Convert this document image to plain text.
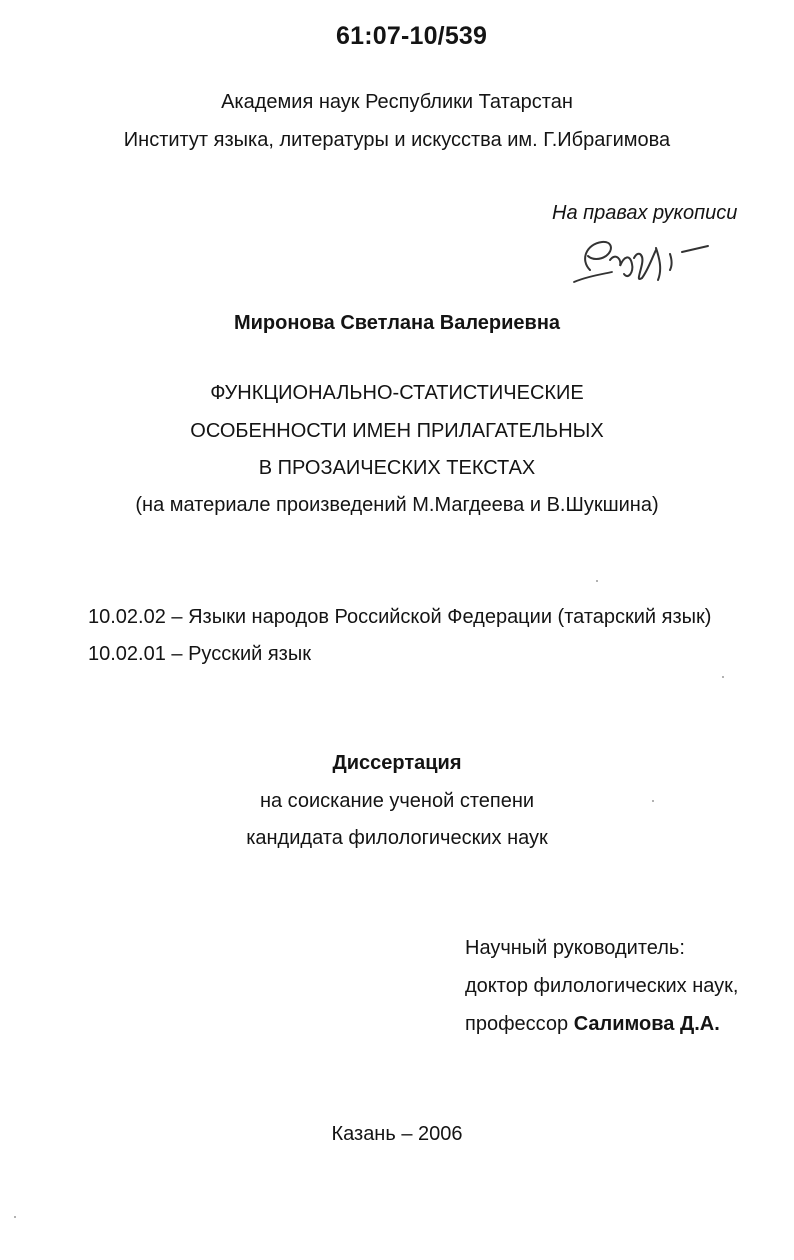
61:07-10/539
Академия наук Республики Татарстан
Институт языка, литературы и искусства им. Г.Ибрагимова
На правах рукописи
Миронова Светлана Валериевна
ФУНКЦИОНАЛЬНО-СТАТИСТИЧЕСКИЕ
ОСОБЕННОСТИ ИМЕН ПРИЛАГАТЕЛЬНЫХ
В ПРОЗАИЧЕСКИХ ТЕКСТАХ
(на материале произведений М.Магдеева и В.Шукшина)
10.02.02 – Языки народов Российской Федерации (татарский язык)
10.02.01 – Русский язык
Диссертация
на соискание ученой степени
кандидата филологических наук
Научный руководитель:
доктор филологических наук,
профессор Салимова Д.А.
Казань – 2006
